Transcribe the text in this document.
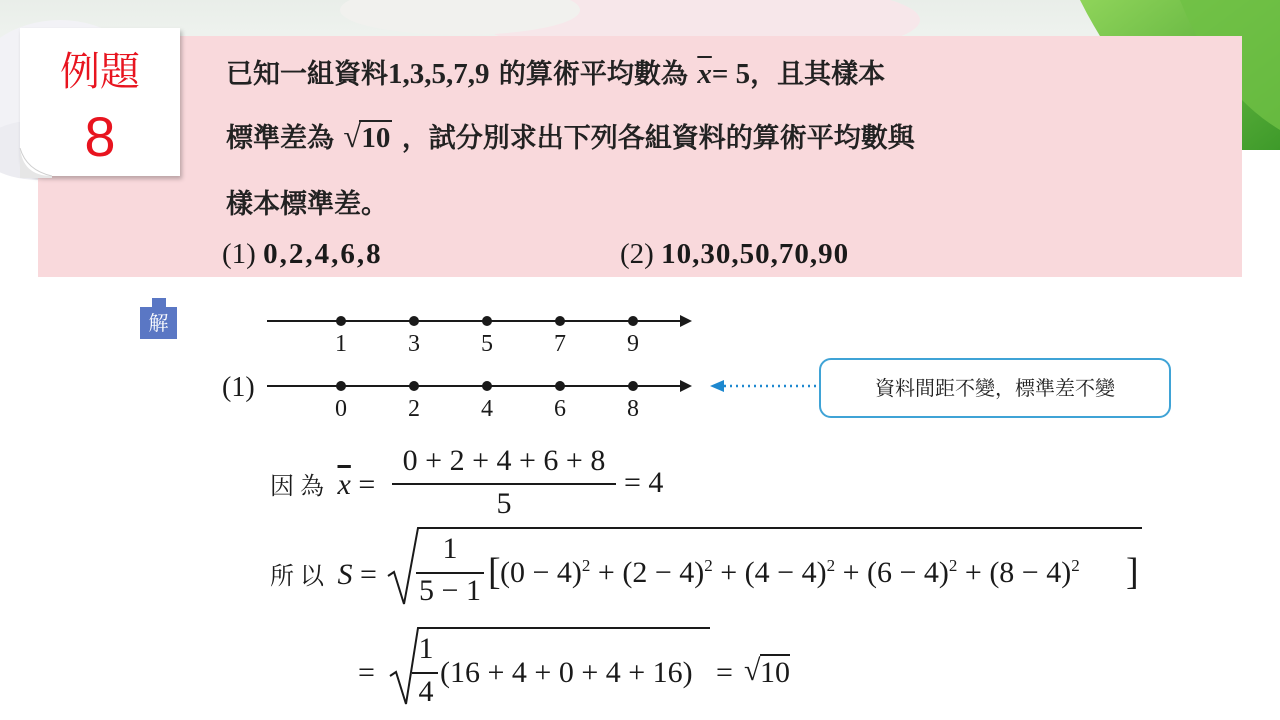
例題
8
已知一組資料1,3,5,7,9 的算術平均數為 $\overline{x}= 5$，且其樣本
標準差為 √ 10 ，試分別求出下列各組資料的算術平均數與
樣本標準差。
(1) 0,2,4,6,8	(2) 10,30,50,70,90
解
1	3	5	7	9
0	2	4	6	8
(1)	資料間距不變，標準差不變
因為 $\overline{x}$ =
0 + 2 + 4 + 6 + 8
5
= 4
所以 S =
1
5 − 1 [ $(0 - 4)^2 + (2 - 4)^2 + (4 - 4)^2 + (6 - 4)^2 + (8 - 4)^2$ ]
=
1
4
(16 + 4 + 0 + 4 + 16) = √ 10
